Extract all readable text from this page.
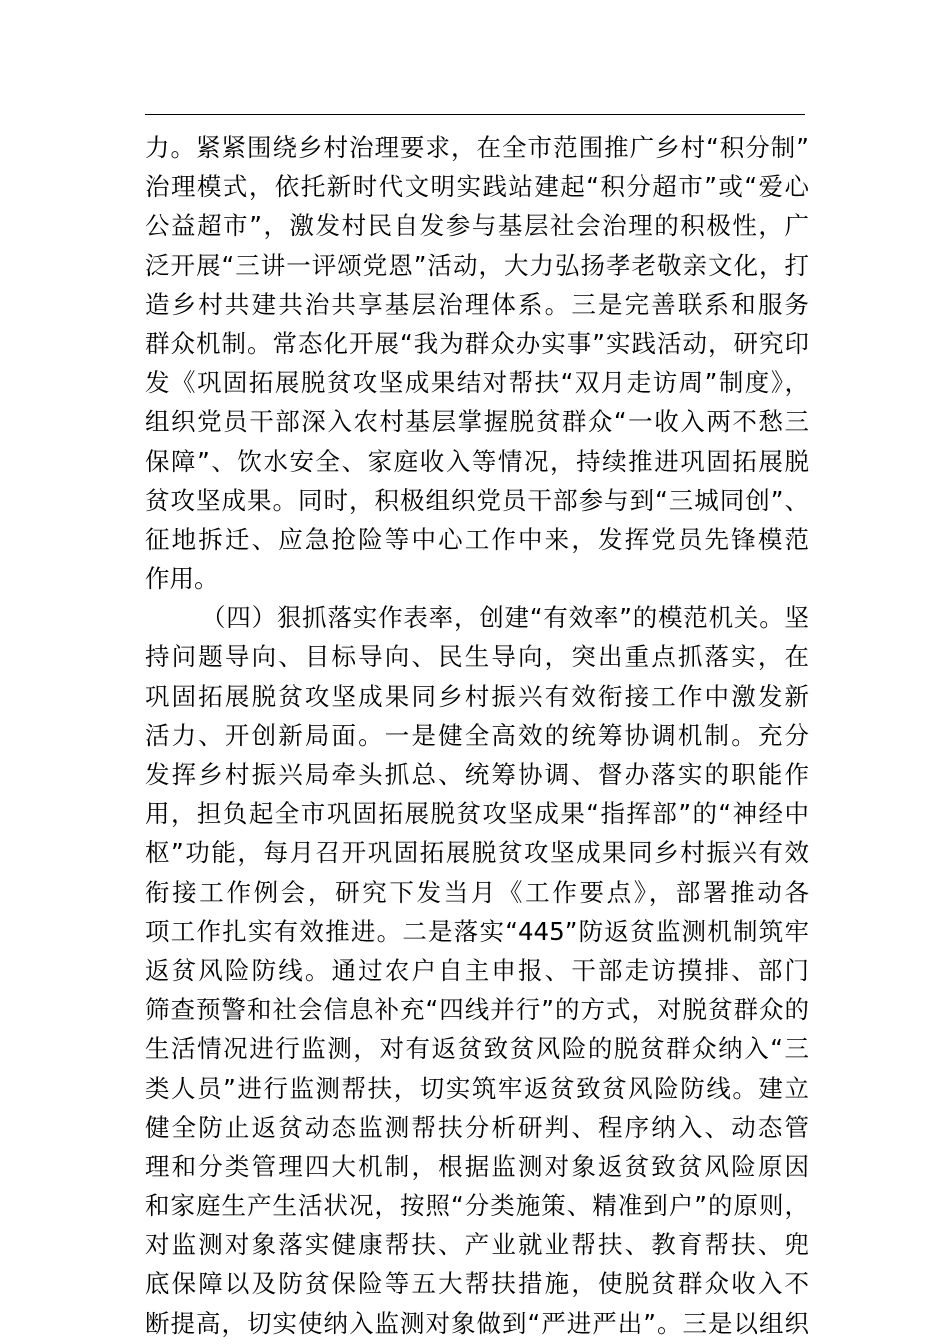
力。紧紧围绕乡村治理要求，在全市范围推广乡村“积分制”
治理模式，依托新时代文明实践站建起“积分超市”或“爱心
公益超市”，激发村民自发参与基层社会治理的积极性，广
泛开展“三讲一评颂党恩”活动，大力弘扬孝老敬亲文化，打
造乡村共建共治共享基层治理体系。三是完善联系和服务
群众机制。常态化开展“我为群众办实事”实践活动，研究印
发《巩固拓展脱贫攻坚成果结对帮扶“双月走访周”制度》，
组织党员干部深入农村基层掌握脱贫群众“一收入两不愁三
保障”、饮水安全、家庭收入等情况，持续推进巩固拓展脱
贫攻坚成果。同时，积极组织党员干部参与到“三城同创”、
征地拆迁、应急抢险等中心工作中来，发挥党员先锋模范
作用。
（四）狠抓落实作表率，创建“有效率”的模范机关。坚
持问题导向、目标导向、民生导向，突出重点抓落实，在
巩固拓展脱贫攻坚成果同乡村振兴有效衔接工作中激发新
活力、开创新局面。一是健全高效的统筹协调机制。充分
发挥乡村振兴局牵头抓总、统筹协调、督办落实的职能作
用，担负起全市巩固拓展脱贫攻坚成果“指挥部”的“神经中
枢”功能，每月召开巩固拓展脱贫攻坚成果同乡村振兴有效
衔接工作例会，研究下发当月《工作要点》，部署推动各
项工作扎实有效推进。二是落实“445”防返贫监测机制筑牢
返贫风险防线。通过农户自主申报、干部走访摸排、部门
筛查预警和社会信息补充“四线并行”的方式，对脱贫群众的
生活情况进行监测，对有返贫致贫风险的脱贫群众纳入“三
类人员”进行监测帮扶，切实筑牢返贫致贫风险防线。建立
健全防止返贫动态监测帮扶分析研判、程序纳入、动态管
理和分类管理四大机制，根据监测对象返贫致贫风险原因
和家庭生产生活状况，按照“分类施策、精准到户”的原则，
对监测对象落实健康帮扶、产业就业帮扶、教育帮扶、兜
底保障以及防贫保险等五大帮扶措施，使脱贫群众收入不
断提高，切实使纳入监测对象做到“严进严出”。三是以组织
